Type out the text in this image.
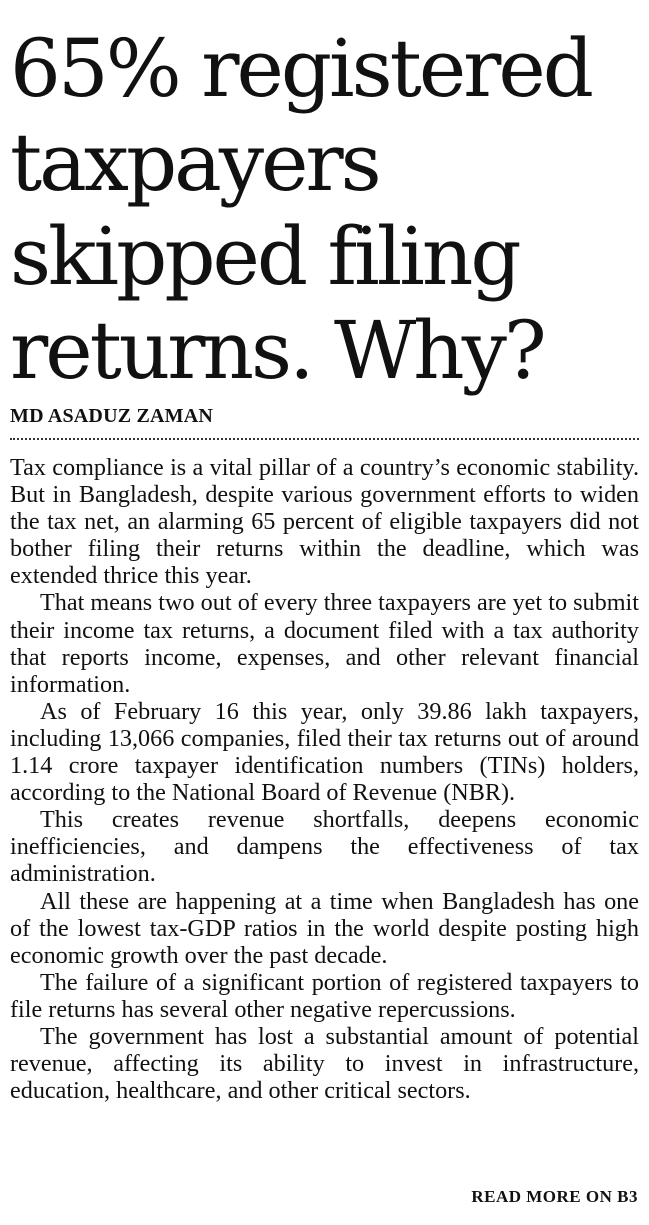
65% registered
taxpayers
skipped filing
returns. Why?
MD ASADUZ ZAMAN

Tax compliance is a vital pillar of a country’s economic stability. But in Bangladesh, despite various government efforts to widen the tax net, an alarming 65 percent of eligible taxpayers did not bother filing their returns within the deadline, which was extended thrice this year.

That means two out of every three taxpayers are yet to submit their income tax returns, a document filed with a tax authority that reports income, expenses, and other relevant financial information.

As of February 16 this year, only 39.86 lakh taxpayers, including 13,066 companies, filed their tax returns out of around 1.14 crore taxpayer identification numbers (TINs) holders, according to the National Board of Revenue (NBR).

This creates revenue shortfalls, deepens economic inefficiencies, and dampens the effectiveness of tax administration.

All these are happening at a time when Bangladesh has one of the lowest tax-GDP ratios in the world despite posting high economic growth over the past decade.

The failure of a significant portion of registered taxpayers to file returns has several other negative repercussions.

The government has lost a substantial amount of potential revenue, affecting its ability to invest in infrastructure, education, healthcare, and other critical sectors.

READ MORE ON B3
